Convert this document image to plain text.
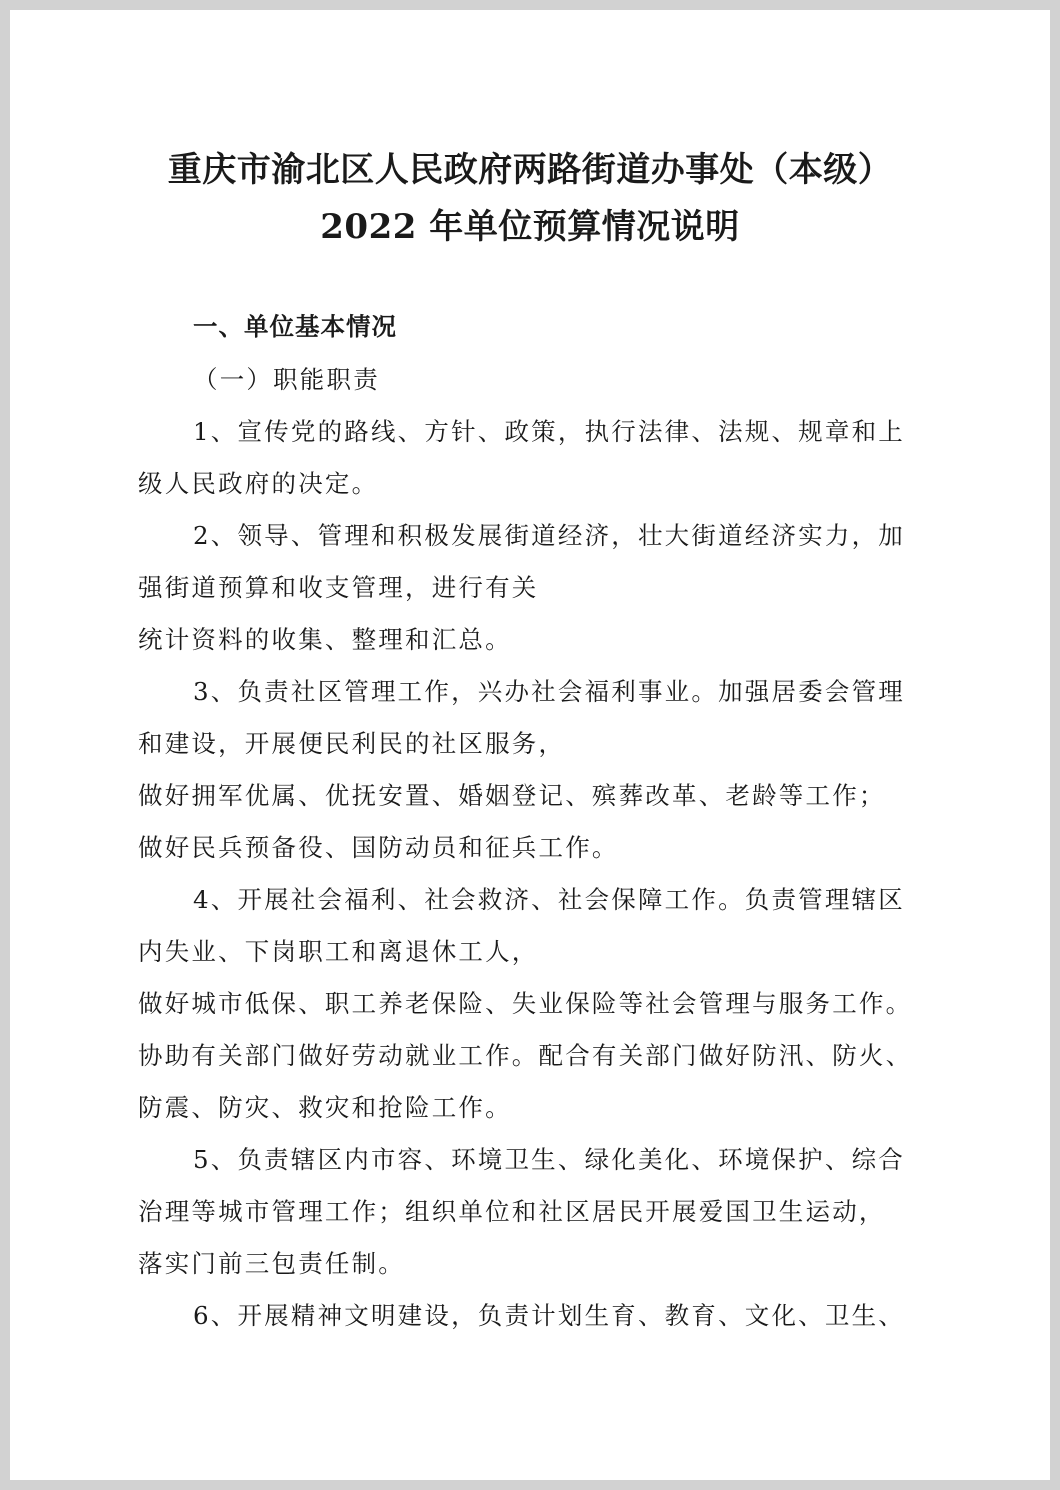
重庆市渝北区人民政府两路街道办事处（本级）
2022 年单位预算情况说明
一、单位基本情况
（一）职能职责
1、宣传党的路线、方针、政策，执行法律、法规、规章和上
级人民政府的决定。
2、领导、管理和积极发展街道经济，壮大街道经济实力，加
强街道预算和收支管理，进行有关
统计资料的收集、整理和汇总。
3、负责社区管理工作，兴办社会福利事业。加强居委会管理
和建设，开展便民利民的社区服务，
做好拥军优属、优抚安置、婚姻登记、殡葬改革、老龄等工作；
做好民兵预备役、国防动员和征兵工作。
4、开展社会福利、社会救济、社会保障工作。负责管理辖区
内失业、下岗职工和离退休工人，
做好城市低保、职工养老保险、失业保险等社会管理与服务工作。
协助有关部门做好劳动就业工作。配合有关部门做好防汛、防火、
防震、防灾、救灾和抢险工作。
5、负责辖区内市容、环境卫生、绿化美化、环境保护、综合
治理等城市管理工作；组织单位和社区居民开展爱国卫生运动，
落实门前三包责任制。
6、开展精神文明建设，负责计划生育、教育、文化、卫生、
